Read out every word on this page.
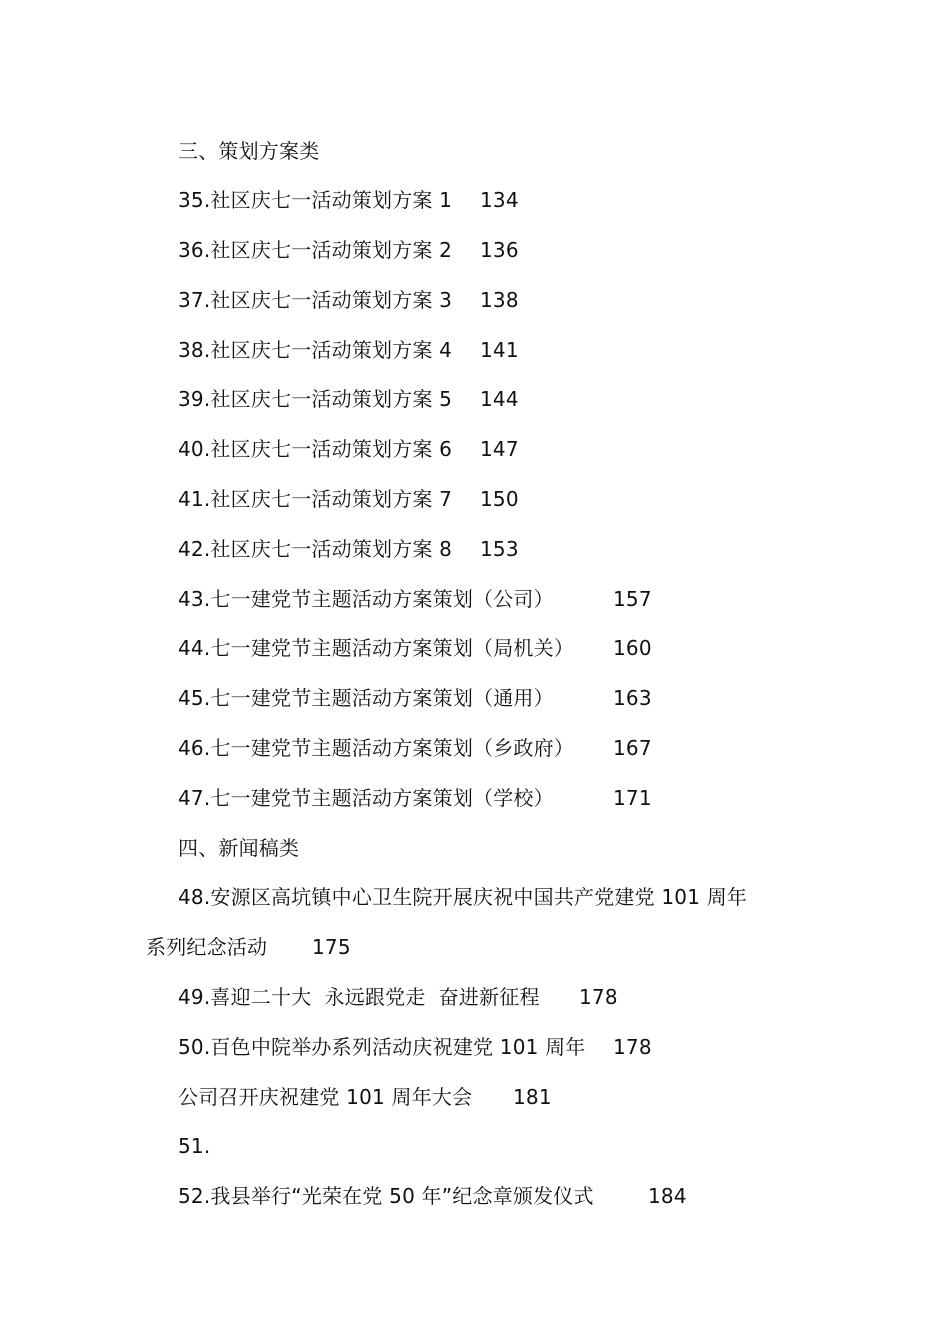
三、策划方案类
35.社区庆七一活动策划方案 1 134
36.社区庆七一活动策划方案 2 136
37.社区庆七一活动策划方案 3 138
38.社区庆七一活动策划方案 4 141
39.社区庆七一活动策划方案 5 144
40.社区庆七一活动策划方案 6 147
41.社区庆七一活动策划方案 7 150
42.社区庆七一活动策划方案 8 153
43.七一建党节主题活动方案策划（公司）	157
44.七一建党节主题活动方案策划（局机关） 160
45.七一建党节主题活动方案策划（通用）	163
46.七一建党节主题活动方案策划（乡政府） 167
47.七一建党节主题活动方案策划（学校）	171
四、新闻稿类
48.安源区高坑镇中心卫生院开展庆祝中国共产党建党 101 周年
系列纪念活动 175
49.喜迎二十大  永远跟党走  奋进新征程 178
50.百色中院举办系列活动庆祝建党 101 周年 178
公司召开庆祝建党 101 周年大会 181
51.
52.我县举行“光荣在党 50 年”纪念章颁发仪式	184
